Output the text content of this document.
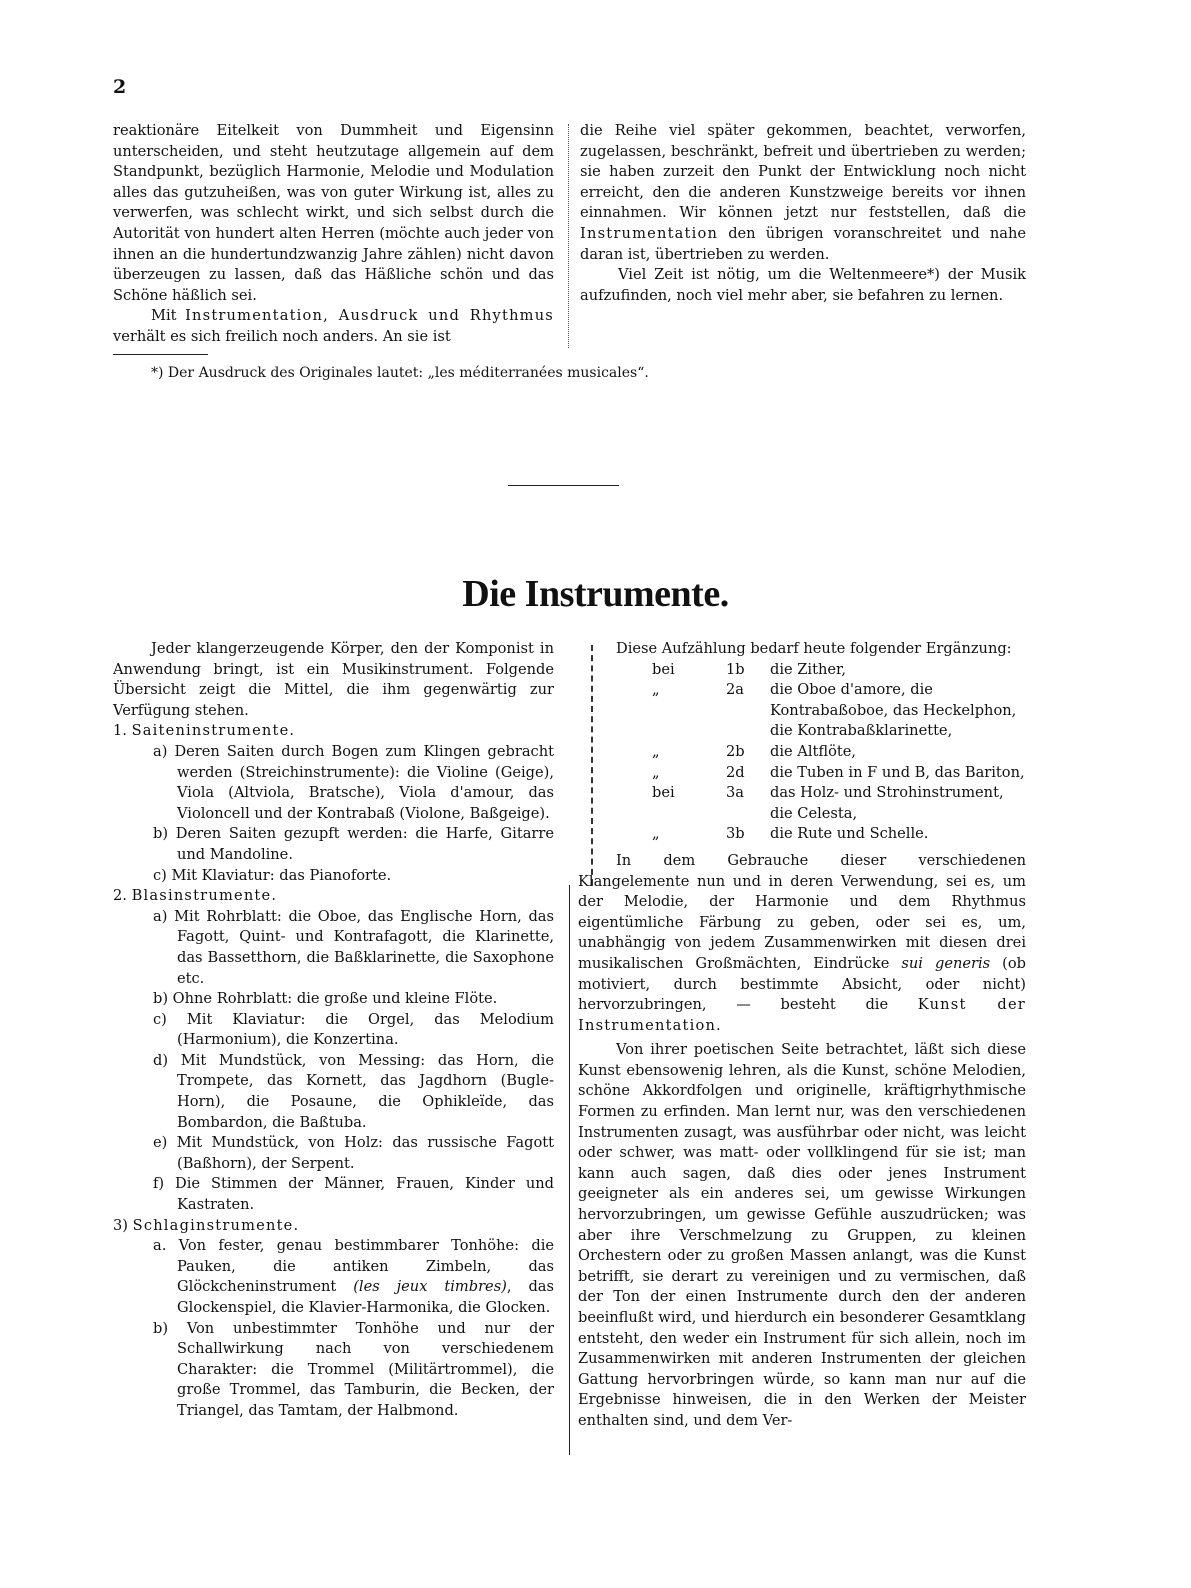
2

reaktionäre Eitelkeit von Dummheit und Eigensinn unterscheiden, und steht heutzutage allgemein auf dem Standpunkt, bezüglich Harmonie, Melodie und Modulation alles das gutzuheißen, was von guter Wirkung ist, alles zu verwerfen, was schlecht wirkt, und sich selbst durch die Autorität von hundert alten Herren (möchte auch jeder von ihnen an die hundertundzwanzig Jahre zählen) nicht davon überzeugen zu lassen, daß das Häßliche schön und das Schöne häßlich sei.

Mit Instrumentation, Ausdruck und Rhythmus verhält es sich freilich noch anders. An sie ist

die Reihe viel später gekommen, beachtet, verworfen, zugelassen, beschränkt, befreit und übertrieben zu werden; sie haben zurzeit den Punkt der Entwicklung noch nicht erreicht, den die anderen Kunstzweige bereits vor ihnen einnahmen. Wir können jetzt nur feststellen, daß die Instrumentation den übrigen voranschreitet und nahe daran ist, übertrieben zu werden.

Viel Zeit ist nötig, um die Weltenmeere*) der Musik aufzufinden, noch viel mehr aber, sie befahren zu lernen.

*) Der Ausdruck des Originales lautet: „les méditerranées musicales“.
Die Instrumente.

Jeder klangerzeugende Körper, den der Komponist in Anwendung bringt, ist ein Musikinstrument. Folgende Übersicht zeigt die Mittel, die ihm gegenwärtig zur Verfügung stehen.

1. Saiteninstrumente.

a) Deren Saiten durch Bogen zum Klingen gebracht werden (Streichinstrumente): die Violine (Geige), Viola (Altviola, Bratsche), Viola d'amour, das Violoncell und der Kontrabaß (Violone, Baßgeige).

b) Deren Saiten gezupft werden: die Harfe, Gitarre und Mandoline.

c) Mit Klaviatur: das Pianoforte.

2. Blasinstrumente.

a) Mit Rohrblatt: die Oboe, das Englische Horn, das Fagott, Quint- und Kontrafagott, die Klarinette, das Bassetthorn, die Baßklarinette, die Saxophone etc.

b) Ohne Rohrblatt: die große und kleine Flöte.

c) Mit Klaviatur: die Orgel, das Melodium (Harmonium), die Konzertina.

d) Mit Mundstück, von Messing: das Horn, die Trompete, das Kornett, das Jagdhorn (Bugle-Horn), die Posaune, die Ophikleïde, das Bombardon, die Baßtuba.

e) Mit Mundstück, von Holz: das russische Fagott (Baßhorn), der Serpent.

f) Die Stimmen der Männer, Frauen, Kinder und Kastraten.

3) Schlaginstrumente.

a. Von fester, genau bestimmbarer Tonhöhe: die Pauken, die antiken Zimbeln, das Glöckcheninstrument (les jeux timbres), das Glockenspiel, die Klavier-Harmonika, die Glocken.

b) Von unbestimmter Tonhöhe und nur der Schallwirkung nach von verschiedenem Charakter: die Trommel (Militärtrommel), die große Trommel, das Tamburin, die Becken, der Triangel, das Tamtam, der Halbmond.

Diese Aufzählung bedarf heute folgender Ergänzung:

bei	1b	die Zither,
„	2a	die Oboe d'amore, die Kontrabaßoboe, das Heckelphon, die Kontrabaßklarinette,
„	2b	die Altflöte,
„	2d	die Tuben in F und B, das Bariton,
bei	3a	das Holz- und Strohinstrument, die Celesta,
„	3b	die Rute und Schelle.

In dem Gebrauche dieser verschiedenen Klangelemente nun und in deren Verwendung, sei es, um der Melodie, der Harmonie und dem Rhythmus eigentümliche Färbung zu geben, oder sei es, um, unabhängig von jedem Zusammenwirken mit diesen drei musikalischen Großmächten, Eindrücke sui generis (ob motiviert, durch bestimmte Absicht, oder nicht) hervorzubringen, — besteht die Kunst der Instrumentation.

Von ihrer poetischen Seite betrachtet, läßt sich diese Kunst ebensowenig lehren, als die Kunst, schöne Melodien, schöne Akkordfolgen und originelle, kräftigrhythmische Formen zu erfinden. Man lernt nur, was den verschiedenen Instrumenten zusagt, was ausführbar oder nicht, was leicht oder schwer, was matt- oder vollklingend für sie ist; man kann auch sagen, daß dies oder jenes Instrument geeigneter als ein anderes sei, um gewisse Wirkungen hervorzubringen, um gewisse Gefühle auszudrücken; was aber ihre Verschmelzung zu Gruppen, zu kleinen Orchestern oder zu großen Massen anlangt, was die Kunst betrifft, sie derart zu vereinigen und zu vermischen, daß der Ton der einen Instrumente durch den der anderen beeinflußt wird, und hierdurch ein besonderer Gesamtklang entsteht, den weder ein Instrument für sich allein, noch im Zusammenwirken mit anderen Instrumenten der gleichen Gattung hervorbringen würde, so kann man nur auf die Ergebnisse hinweisen, die in den Werken der Meister enthalten sind, und dem Ver-
